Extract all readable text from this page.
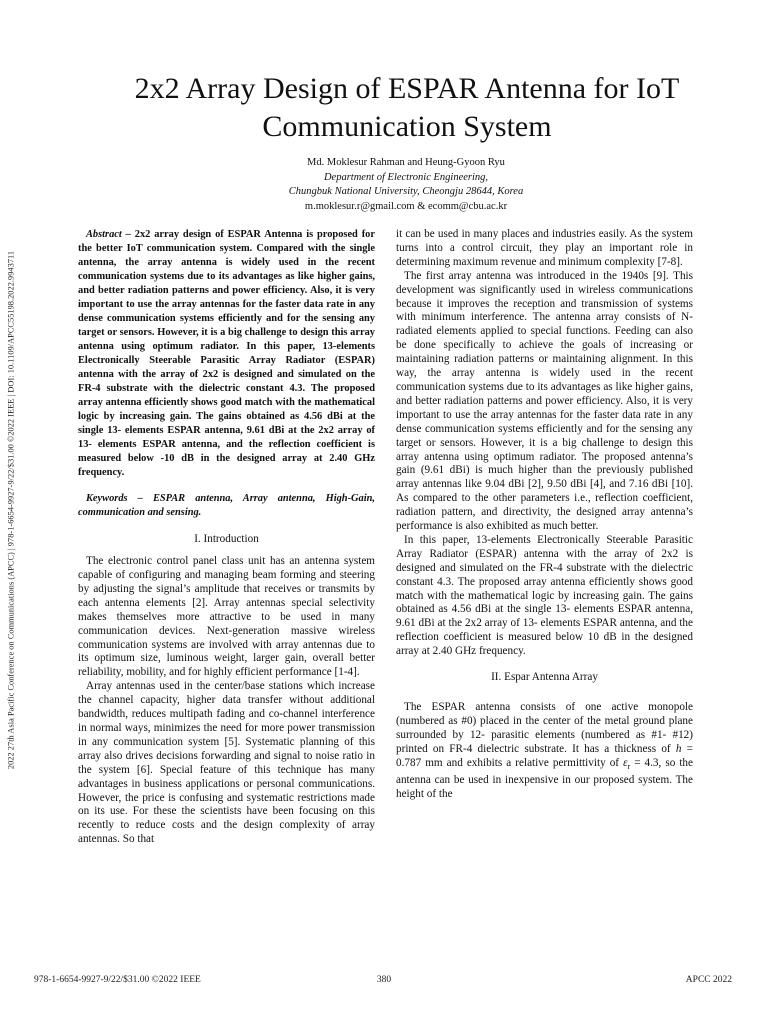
2022 27th Asia Pacific Conference on Communications (APCC) | 978-1-6654-9927-9/22/$31.00 ©2022 IEEE | DOI: 10.1109/APCC55198.2022.9943711
2x2 Array Design of ESPAR Antenna for IoT Communication System
Md. Moklesur Rahman and Heung-Gyoon Ryu
Department of Electronic Engineering,
Chungbuk National University, Cheongju 28644, Korea
m.moklesur.r@gmail.com & ecomm@cbu.ac.kr

Abstract – 2x2 array design of ESPAR Antenna is proposed for the better IoT communication system. Compared with the single antenna, the array antenna is widely used in the recent communication systems due to its advantages as like higher gains, and better radiation patterns and power efficiency. Also, it is very important to use the array antennas for the faster data rate in any dense communication systems efficiently and for the sensing any target or sensors. However, it is a big challenge to design this array antenna using optimum radiator. In this paper, 13-elements Electronically Steerable Parasitic Array Radiator (ESPAR) antenna with the array of 2x2 is designed and simulated on the FR-4 substrate with the dielectric constant 4.3. The proposed array antenna efficiently shows good match with the mathematical logic by increasing gain. The gains obtained as 4.56 dBi at the single 13- elements ESPAR antenna, 9.61 dBi at the 2x2 array of 13- elements ESPAR antenna, and the reflection coefficient is measured below -10 dB in the designed array at 2.40 GHz frequency.

Keywords – ESPAR antenna, Array antenna, High-Gain, communication and sensing.

I. Introduction

The electronic control panel class unit has an antenna system capable of configuring and managing beam forming and steering by adjusting the signal’s amplitude that receives or transmits by each antenna elements [2]. Array antennas special selectivity makes themselves more attractive to be used in many communication devices. Next-generation massive wireless communication systems are involved with array antennas due to its optimum size, luminous weight, larger gain, overall better reliability, mobility, and for highly efficient performance [1-4].

Array antennas used in the center/base stations which increase the channel capacity, higher data transfer without additional bandwidth, reduces multipath fading and co-channel interference in normal ways, minimizes the need for more power transmission in any communication system [5]. Systematic planning of this array also drives decisions forwarding and signal to noise ratio in the system [6]. Special feature of this technique has many advantages in business applications or personal communications. However, the price is confusing and systematic restrictions made on its use. For these the scientists have been focusing on this recently to reduce costs and the design complexity of array antennas. So that

it can be used in many places and industries easily. As the system turns into a control circuit, they play an important role in determining maximum revenue and minimum complexity [7-8].

The first array antenna was introduced in the 1940s [9]. This development was significantly used in wireless communications because it improves the reception and transmission of systems with minimum interference. The antenna array consists of N-radiated elements applied to special functions. Feeding can also be done specifically to achieve the goals of increasing or maintaining radiation patterns or maintaining alignment. In this way, the array antenna is widely used in the recent communication systems due to its advantages as like higher gains, and better radiation patterns and power efficiency. Also, it is very important to use the array antennas for the faster data rate in any dense communication systems efficiently and for the sensing any target or sensors. However, it is a big challenge to design this array antenna using optimum radiator. The proposed antenna’s gain (9.61 dBi) is much higher than the previously published array antennas like 9.04 dBi [2], 9.50 dBi [4], and 7.16 dBi [10]. As compared to the other parameters i.e., reflection coefficient, radiation pattern, and directivity, the designed array antenna’s performance is also exhibited as much better.

In this paper, 13-elements Electronically Steerable Parasitic Array Radiator (ESPAR) antenna with the array of 2x2 is designed and simulated on the FR-4 substrate with the dielectric constant 4.3. The proposed array antenna efficiently shows good match with the mathematical logic by increasing gain. The gains obtained as 4.56 dBi at the single 13- elements ESPAR antenna, 9.61 dBi at the 2x2 array of 13- elements ESPAR antenna, and the reflection coefficient is measured below 10 dB in the designed array at 2.40 GHz frequency.

II. Espar Antenna Array

The ESPAR antenna consists of one active monopole (numbered as #0) placed in the center of the metal ground plane surrounded by 12- parasitic elements (numbered as #1- #12) printed on FR-4 dielectric substrate. It has a thickness of h = 0.787 mm and exhibits a relative permittivity of $\varepsilon_r = 4.3$, so the antenna can be used in inexpensive in our proposed system. The height of the

978-1-6654-9927-9/22/$31.00 ©2022 IEEE	380	APCC 2022
